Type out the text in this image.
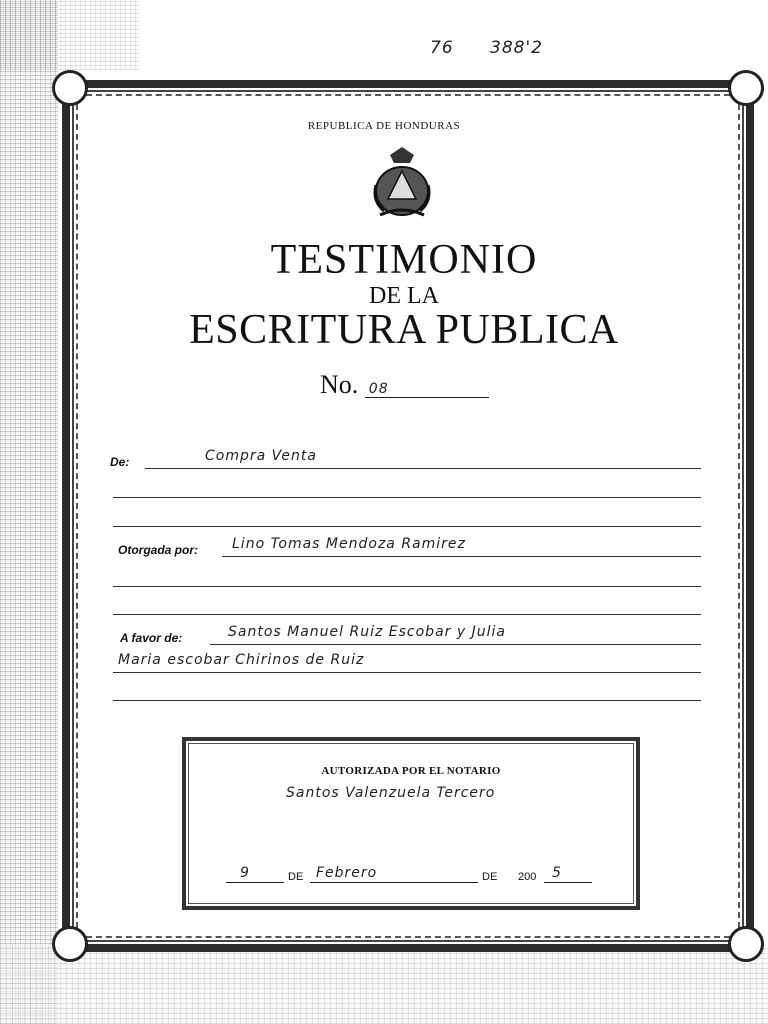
76 388'2
REPUBLICA DE HONDURAS
TESTIMONIO
DE LA
ESCRITURA PUBLICA
No. 08
De:	Compra Venta
Otorgada por: Lino Tomas Mendoza Ramirez
A favor de:	Santos Manuel Ruiz Escobar y Julia
Maria escobar Chirinos de Ruiz
AUTORIZADA POR EL NOTARIO
Santos Valenzuela Tercero
9	DE Febrero	DE 200 5
